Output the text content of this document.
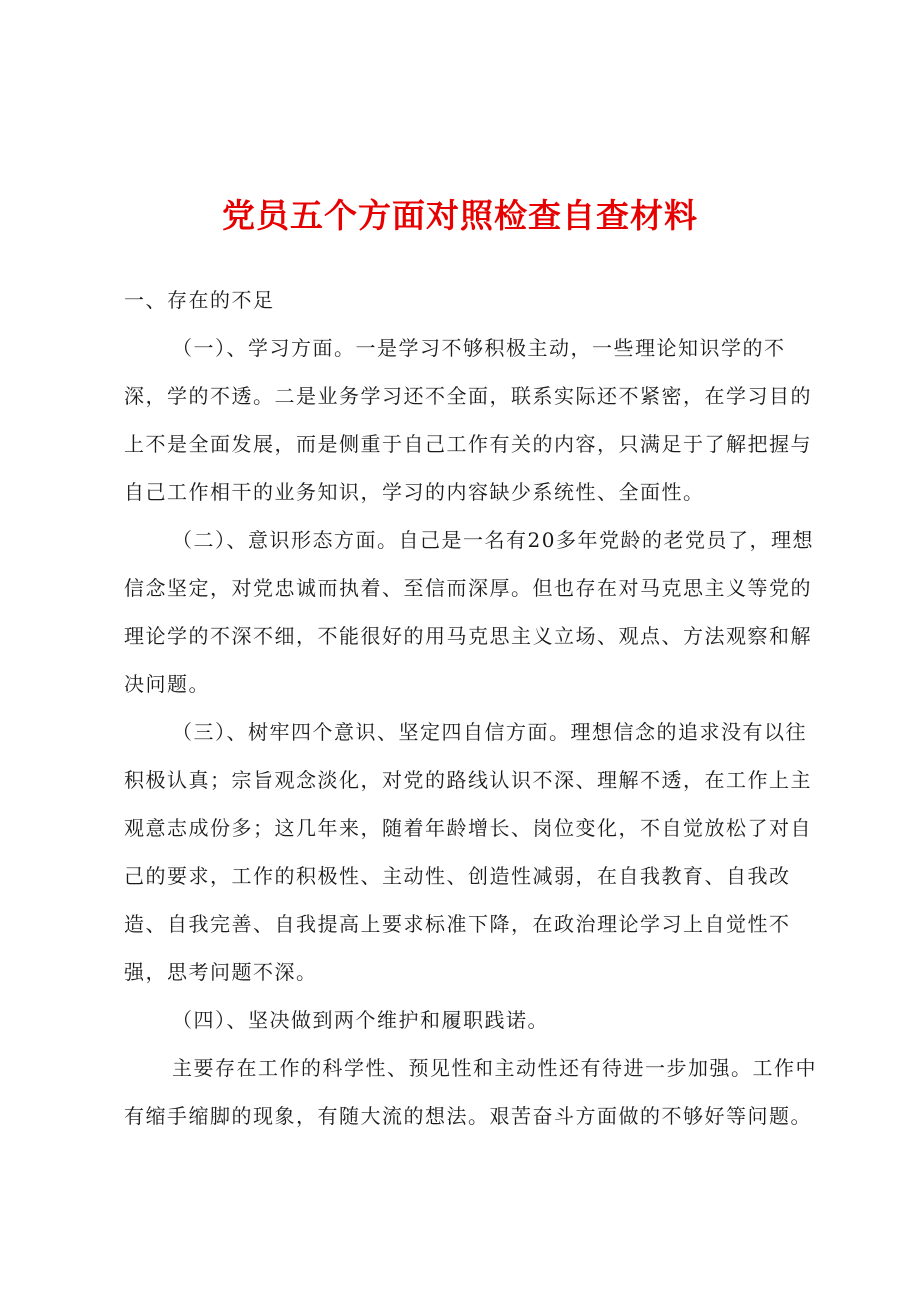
党员五个方面对照检查自查材料

一、存在的不足

（一）、学习方面。一是学习不够积极主动，一些理论知识学的不深，学的不透。二是业务学习还不全面，联系实际还不紧密，在学习目的上不是全面发展，而是侧重于自己工作有关的内容，只满足于了解把握与自己工作相干的业务知识，学习的内容缺少系统性、全面性。

（二）、意识形态方面。自己是一名有20多年党龄的老党员了，理想信念坚定，对党忠诚而执着、至信而深厚。但也存在对马克思主义等党的理论学的不深不细，不能很好的用马克思主义立场、观点、方法观察和解决问题。

（三）、树牢四个意识、坚定四自信方面。理想信念的追求没有以往积极认真；宗旨观念淡化，对党的路线认识不深、理解不透，在工作上主观意志成份多；这几年来，随着年龄增长、岗位变化，不自觉放松了对自己的要求，工作的积极性、主动性、创造性减弱，在自我教育、自我改造、自我完善、自我提高上要求标准下降，在政治理论学习上自觉性不强，思考问题不深。

（四）、坚决做到两个维护和履职践诺。

主要存在工作的科学性、预见性和主动性还有待进一步加强。工作中有缩手缩脚的现象，有随大流的想法。艰苦奋斗方面做的不够好等问题。
